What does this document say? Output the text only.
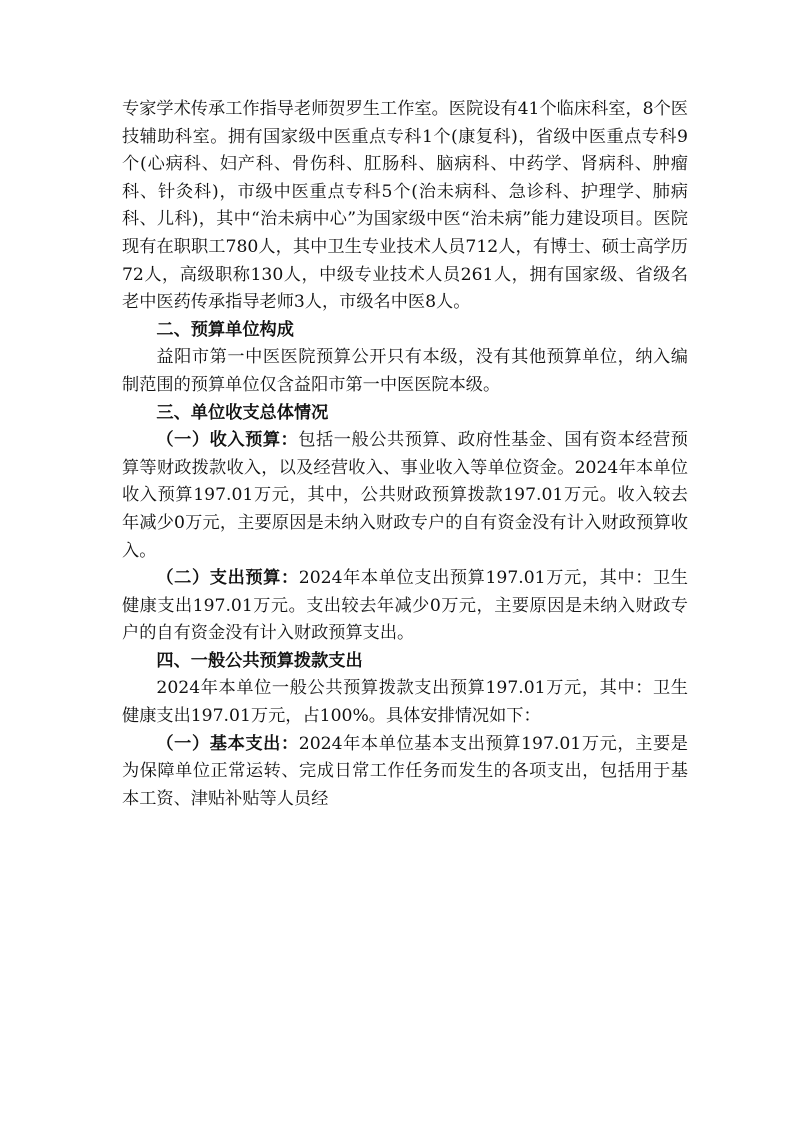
专家学术传承工作指导老师贺罗生工作室。医院设有41个临床科室，8个医技辅助科室。拥有国家级中医重点专科1个(康复科)，省级中医重点专科9个(心病科、妇产科、骨伤科、肛肠科、脑病科、中药学、肾病科、肿瘤科、针灸科)，市级中医重点专科5个(治未病科、急诊科、护理学、肺病科、儿科)，其中“治未病中心”为国家级中医“治未病”能力建设项目。医院现有在职职工780人，其中卫生专业技术人员712人，有博士、硕士高学历72人，高级职称130人，中级专业技术人员261人，拥有国家级、省级名老中医药传承指导老师3人，市级名中医8人。

二、预算单位构成

益阳市第一中医医院预算公开只有本级，没有其他预算单位，纳入编制范围的预算单位仅含益阳市第一中医医院本级。

三、单位收支总体情况

（一）收入预算：包括一般公共预算、政府性基金、国有资本经营预算等财政拨款收入，以及经营收入、事业收入等单位资金。2024年本单位收入预算197.01万元，其中，公共财政预算拨款197.01万元。收入较去年减少0万元，主要原因是未纳入财政专户的自有资金没有计入财政预算收入。

（二）支出预算：2024年本单位支出预算197.01万元，其中：卫生健康支出197.01万元。支出较去年减少0万元，主要原因是未纳入财政专户的自有资金没有计入财政预算支出。

四、一般公共预算拨款支出

2024年本单位一般公共预算拨款支出预算197.01万元，其中：卫生健康支出197.01万元，占100%。具体安排情况如下：

（一）基本支出：2024年本单位基本支出预算197.01万元，主要是为保障单位正常运转、完成日常工作任务而发生的各项支出，包括用于基本工资、津贴补贴等人员经
